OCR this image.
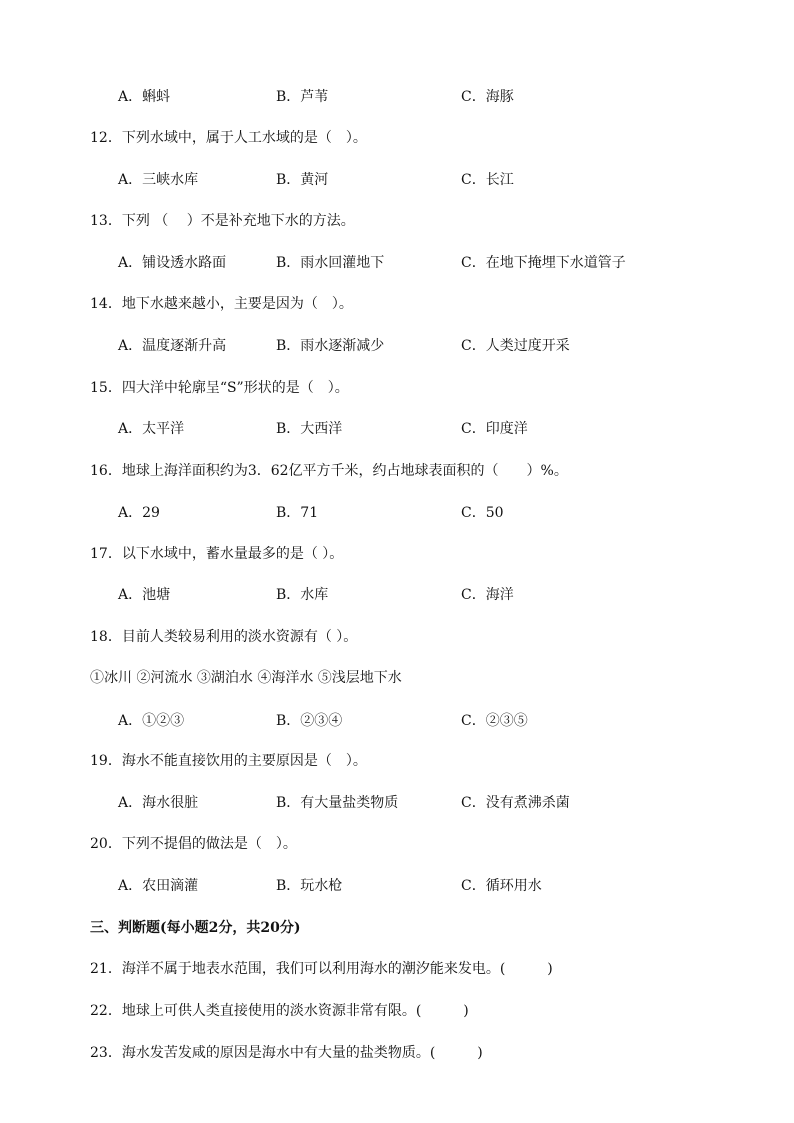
A．蝌蚪	B．芦苇	C．海豚
12．下列水域中，属于人工水域的是（　）。
A．三峡水库	B．黄河	C．长江
13．下列 （　 ）不是补充地下水的方法。
A．铺设透水路面	B．雨水回灌地下	C．在地下掩埋下水道管子
14．地下水越来越小，主要是因为（　）。
A．温度逐渐升高	B．雨水逐渐减少	C．人类过度开采
15．四大洋中轮廓呈“S”形状的是（　）。
A．太平洋	B．大西洋	C．印度洋
16．地球上海洋面积约为3．62亿平方千米，约占地球表面积的（　　）%。
A．29	B．71	C．50
17．以下水域中，蓄水量最多的是（ ）。
A．池塘	B．水库	C．海洋
18．目前人类较易利用的淡水资源有（ ）。
①冰川 ②河流水 ③湖泊水 ④海洋水 ⑤浅层地下水
A．①②③	B．②③④	C．②③⑤
19．海水不能直接饮用的主要原因是（　）。
A．海水很脏	B．有大量盐类物质	C．没有煮沸杀菌
20．下列不提倡的做法是（　）。
A．农田滴灌	B．玩水枪	C．循环用水
三、判断题(每小题2分，共20分)
21．海洋不属于地表水范围，我们可以利用海水的潮汐能来发电。(　　　)
22．地球上可供人类直接使用的淡水资源非常有限。(　　　)
23．海水发苦发咸的原因是海水中有大量的盐类物质。(　　　)
